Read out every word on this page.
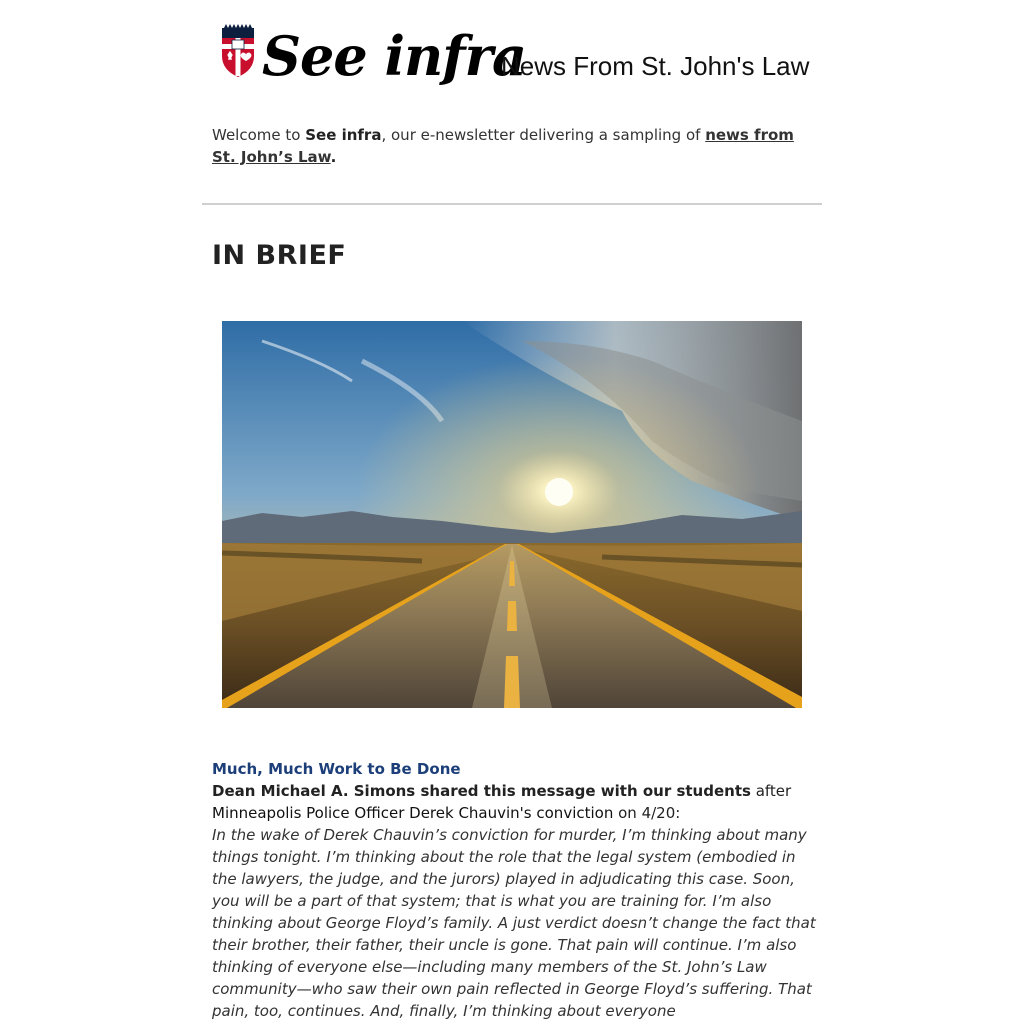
See infra
News From St. John's Law
Welcome to See infra, our e-newsletter delivering a sampling of news from St. John’s Law.
IN BRIEF
Much, Much Work to Be Done
Dean Michael A. Simons shared this message with our students after Minneapolis Police Officer Derek Chauvin's conviction on 4/20:
In the wake of Derek Chauvin’s conviction for murder, I’m thinking about many things tonight. I’m thinking about the role that the legal system (embodied in the lawyers, the judge, and the jurors) played in adjudicating this case. Soon, you will be a part of that system; that is what you are training for. I’m also thinking about George Floyd’s family. A just verdict doesn’t change the fact that their brother, their father, their uncle is gone. That pain will continue. I’m also thinking of everyone else—including many members of the St. John’s Law community—who saw their own pain reflected in George Floyd’s suffering. That pain, too, continues. And, finally, I’m thinking about everyone
